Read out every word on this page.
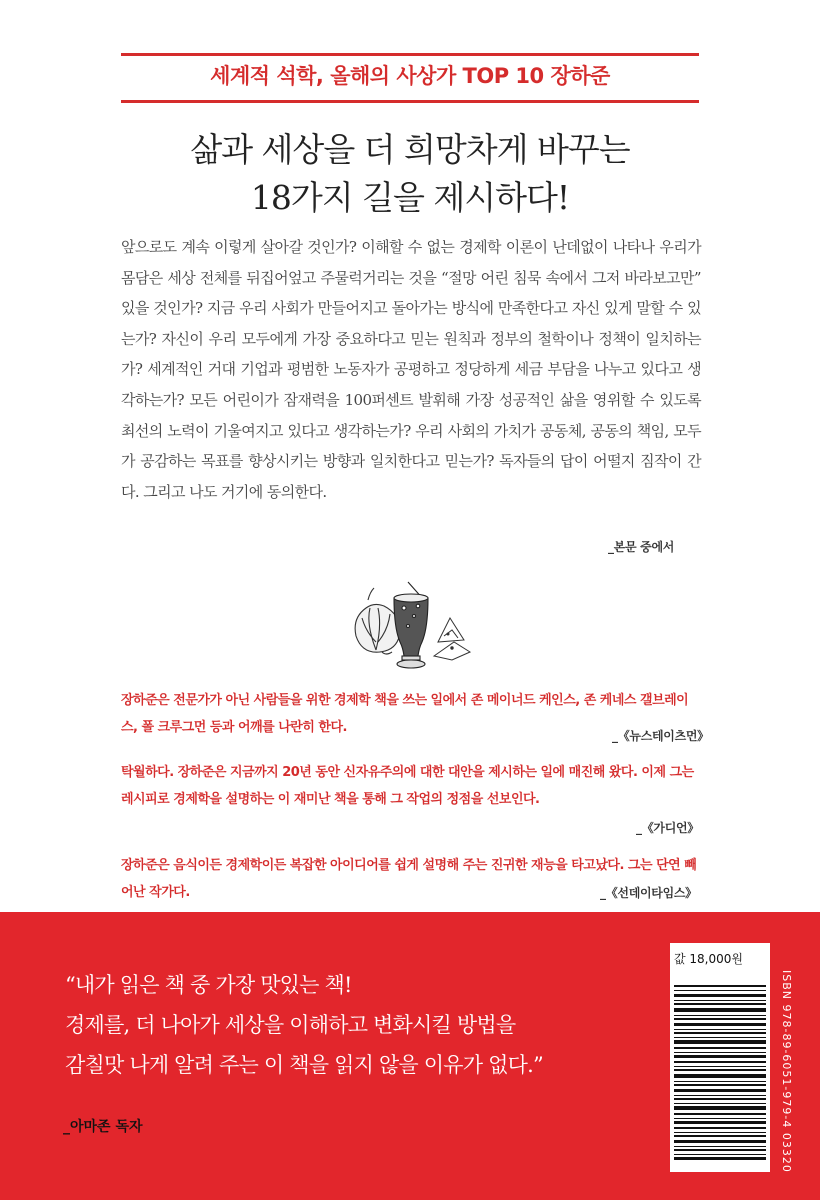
세계적 석학, 올해의 사상가 TOP 10 장하준
삶과 세상을 더 희망차게 바꾸는
18가지 길을 제시하다!
앞으로도 계속 이렇게 살아갈 것인가? 이해할 수 없는 경제학 이론이 난데없이 나타나 우리가 몸담은 세상 전체를 뒤집어엎고 주물럭거리는 것을 “절망 어린 침묵 속에서 그저 바라보고만” 있을 것인가? 지금 우리 사회가 만들어지고 돌아가는 방식에 만족한다고 자신 있게 말할 수 있는가? 자신이 우리 모두에게 가장 중요하다고 믿는 원칙과 정부의 철학이나 정책이 일치하는가? 세계적인 거대 기업과 평범한 노동자가 공평하고 정당하게 세금 부담을 나누고 있다고 생각하는가? 모든 어린이가 잠재력을 100퍼센트 발휘해 가장 성공적인 삶을 영위할 수 있도록 최선의 노력이 기울여지고 있다고 생각하는가? 우리 사회의 가치가 공동체, 공동의 책임, 모두가 공감하는 목표를 향상시키는 방향과 일치한다고 믿는가? 독자들의 답이 어떨지 짐작이 간다. 그리고 나도 거기에 동의한다.
_본문 중에서
장하준은 전문가가 아닌 사람들을 위한 경제학 책을 쓰는 일에서 존 메이너드 케인스, 존 케네스 갤브레이스, 폴 크루그먼 등과 어깨를 나란히 한다.
_《뉴스테이츠먼》
탁월하다. 장하준은 지금까지 20년 동안 신자유주의에 대한 대안을 제시하는 일에 매진해 왔다. 이제 그는 레시피로 경제학을 설명하는 이 재미난 책을 통해 그 작업의 정점을 선보인다.
_《가디언》
장하준은 음식이든 경제학이든 복잡한 아이디어를 쉽게 설명해 주는 진귀한 재능을 타고났다. 그는 단연 빼어난 작가다.	_《선데이타임스》
“내가 읽은 책 중 가장 맛있는 책!
경제를, 더 나아가 세상을 이해하고 변화시킬 방법을
감칠맛 나게 알려 주는 이 책을 읽지 않을 이유가 없다.”
_아마존 독자
값 18,000원
ISBN 978-89-6051-979-4 03320
